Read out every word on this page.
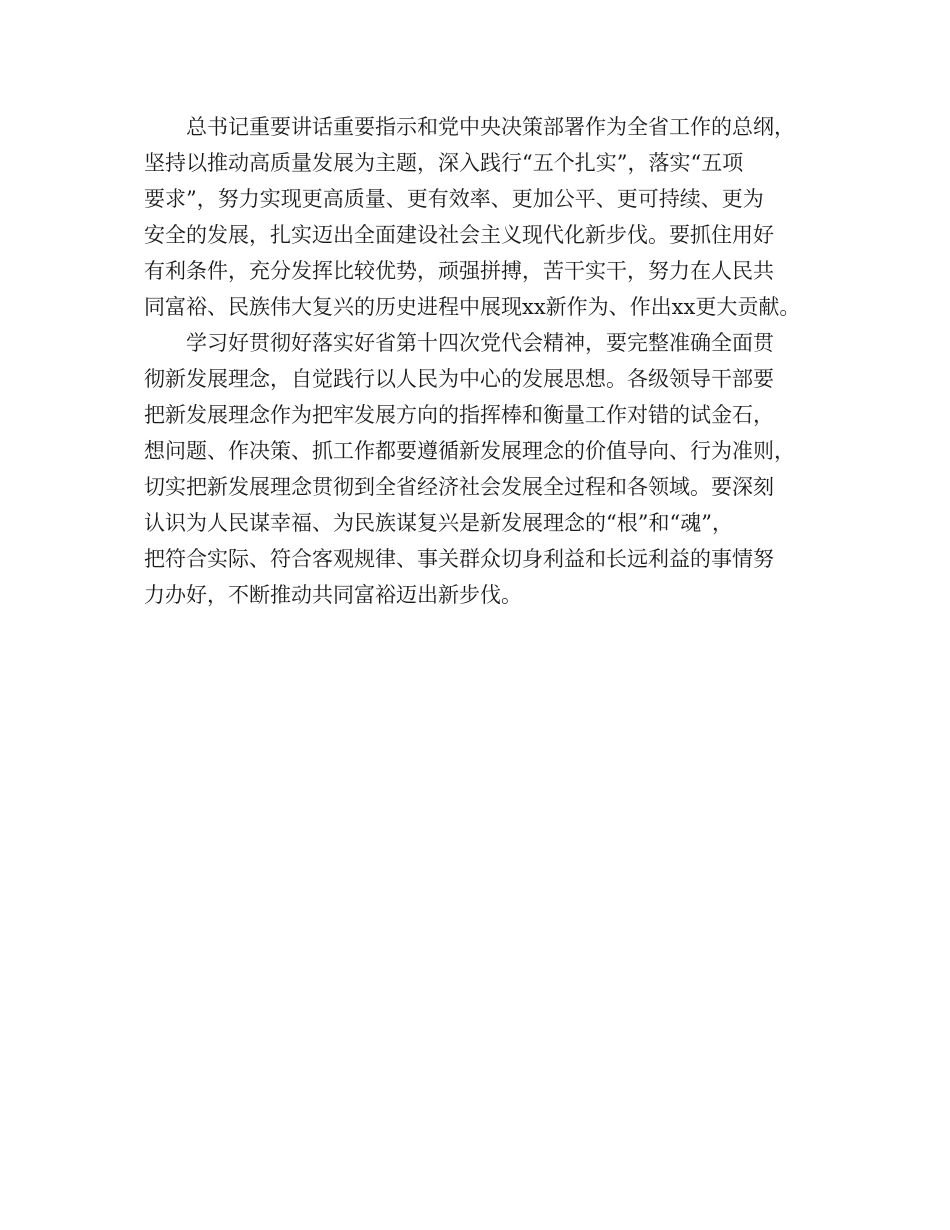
总书记重要讲话重要指示和党中央决策部署作为全省工作的总纲，
坚持以推动高质量发展为主题，深入践行“五个扎实”，落实“五项
要求”，努力实现更高质量、更有效率、更加公平、更可持续、更为
安全的发展，扎实迈出全面建设社会主义现代化新步伐。要抓住用好
有利条件，充分发挥比较优势，顽强拼搏，苦干实干，努力在人民共
同富裕、民族伟大复兴的历史进程中展现xx新作为、作出xx更大贡献。
学习好贯彻好落实好省第十四次党代会精神，要完整准确全面贯
彻新发展理念，自觉践行以人民为中心的发展思想。各级领导干部要
把新发展理念作为把牢发展方向的指挥棒和衡量工作对错的试金石，
想问题、作决策、抓工作都要遵循新发展理念的价值导向、行为准则，
切实把新发展理念贯彻到全省经济社会发展全过程和各领域。要深刻
认识为人民谋幸福、为民族谋复兴是新发展理念的“根”和“魂”，
把符合实际、符合客观规律、事关群众切身利益和长远利益的事情努
力办好，不断推动共同富裕迈出新步伐。
